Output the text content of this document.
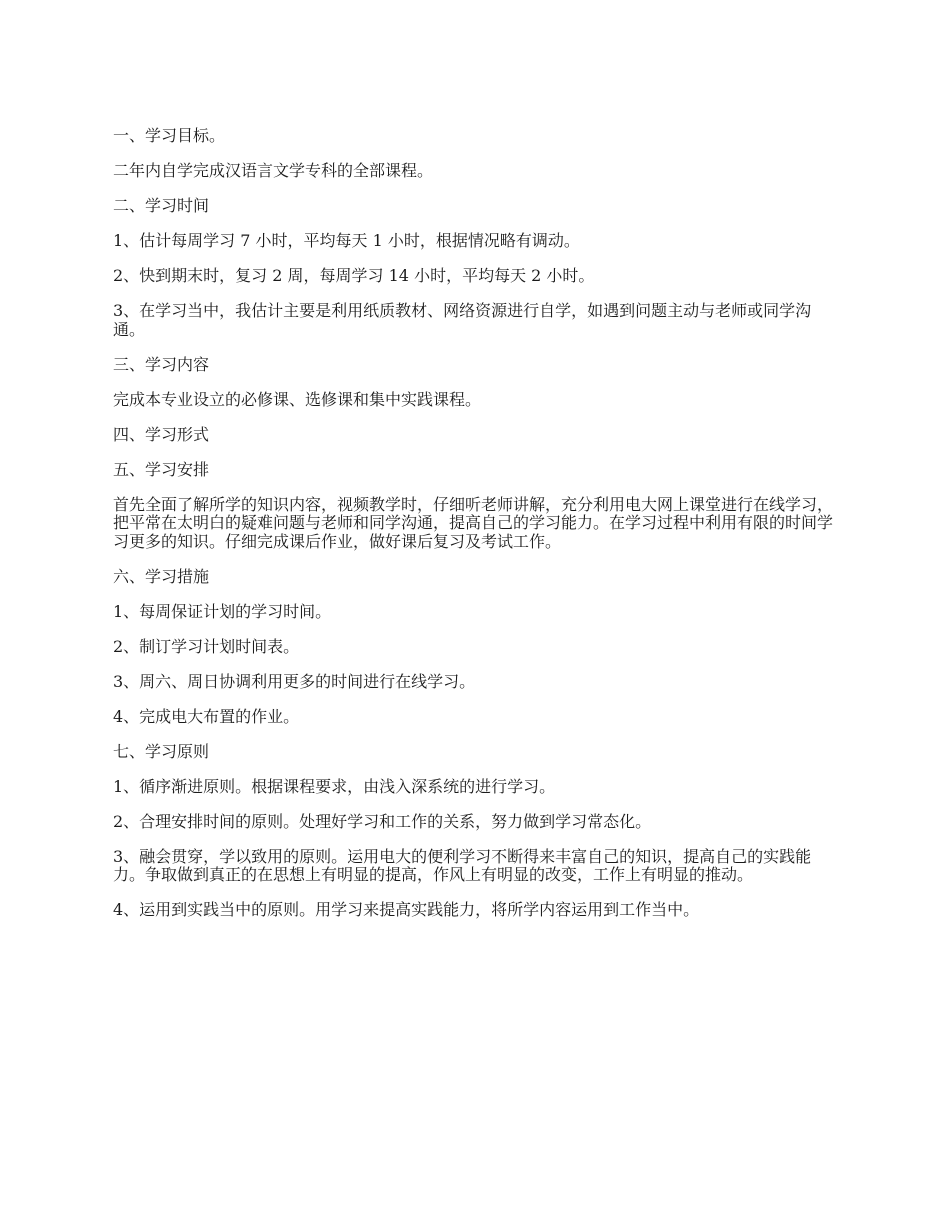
一、学习目标。

二年内自学完成汉语言文学专科的全部课程。

二、学习时间

1、估计每周学习 7 小时，平均每天 1 小时，根据情况略有调动。

2、快到期末时，复习 2 周，每周学习 14 小时，平均每天 2 小时。

3、在学习当中，我估计主要是利用纸质教材、网络资源进行自学，如遇到问题主动与老师或同学沟通。

三、学习内容

完成本专业设立的必修课、选修课和集中实践课程。

四、学习形式

五、学习安排

首先全面了解所学的知识内容，视频教学时，仔细听老师讲解，充分利用电大网上课堂进行在线学习，把平常在太明白的疑难问题与老师和同学沟通，提高自己的学习能力。在学习过程中利用有限的时间学习更多的知识。仔细完成课后作业，做好课后复习及考试工作。

六、学习措施

1、每周保证计划的学习时间。

2、制订学习计划时间表。

3、周六、周日协调利用更多的时间进行在线学习。

4、完成电大布置的作业。

七、学习原则

1、循序渐进原则。根据课程要求，由浅入深系统的进行学习。

2、合理安排时间的原则。处理好学习和工作的关系，努力做到学习常态化。

3、融会贯穿，学以致用的原则。运用电大的便利学习不断得来丰富自己的知识，提高自己的实践能力。争取做到真正的在思想上有明显的提高，作风上有明显的改变，工作上有明显的推动。

4、运用到实践当中的原则。用学习来提高实践能力，将所学内容运用到工作当中。
